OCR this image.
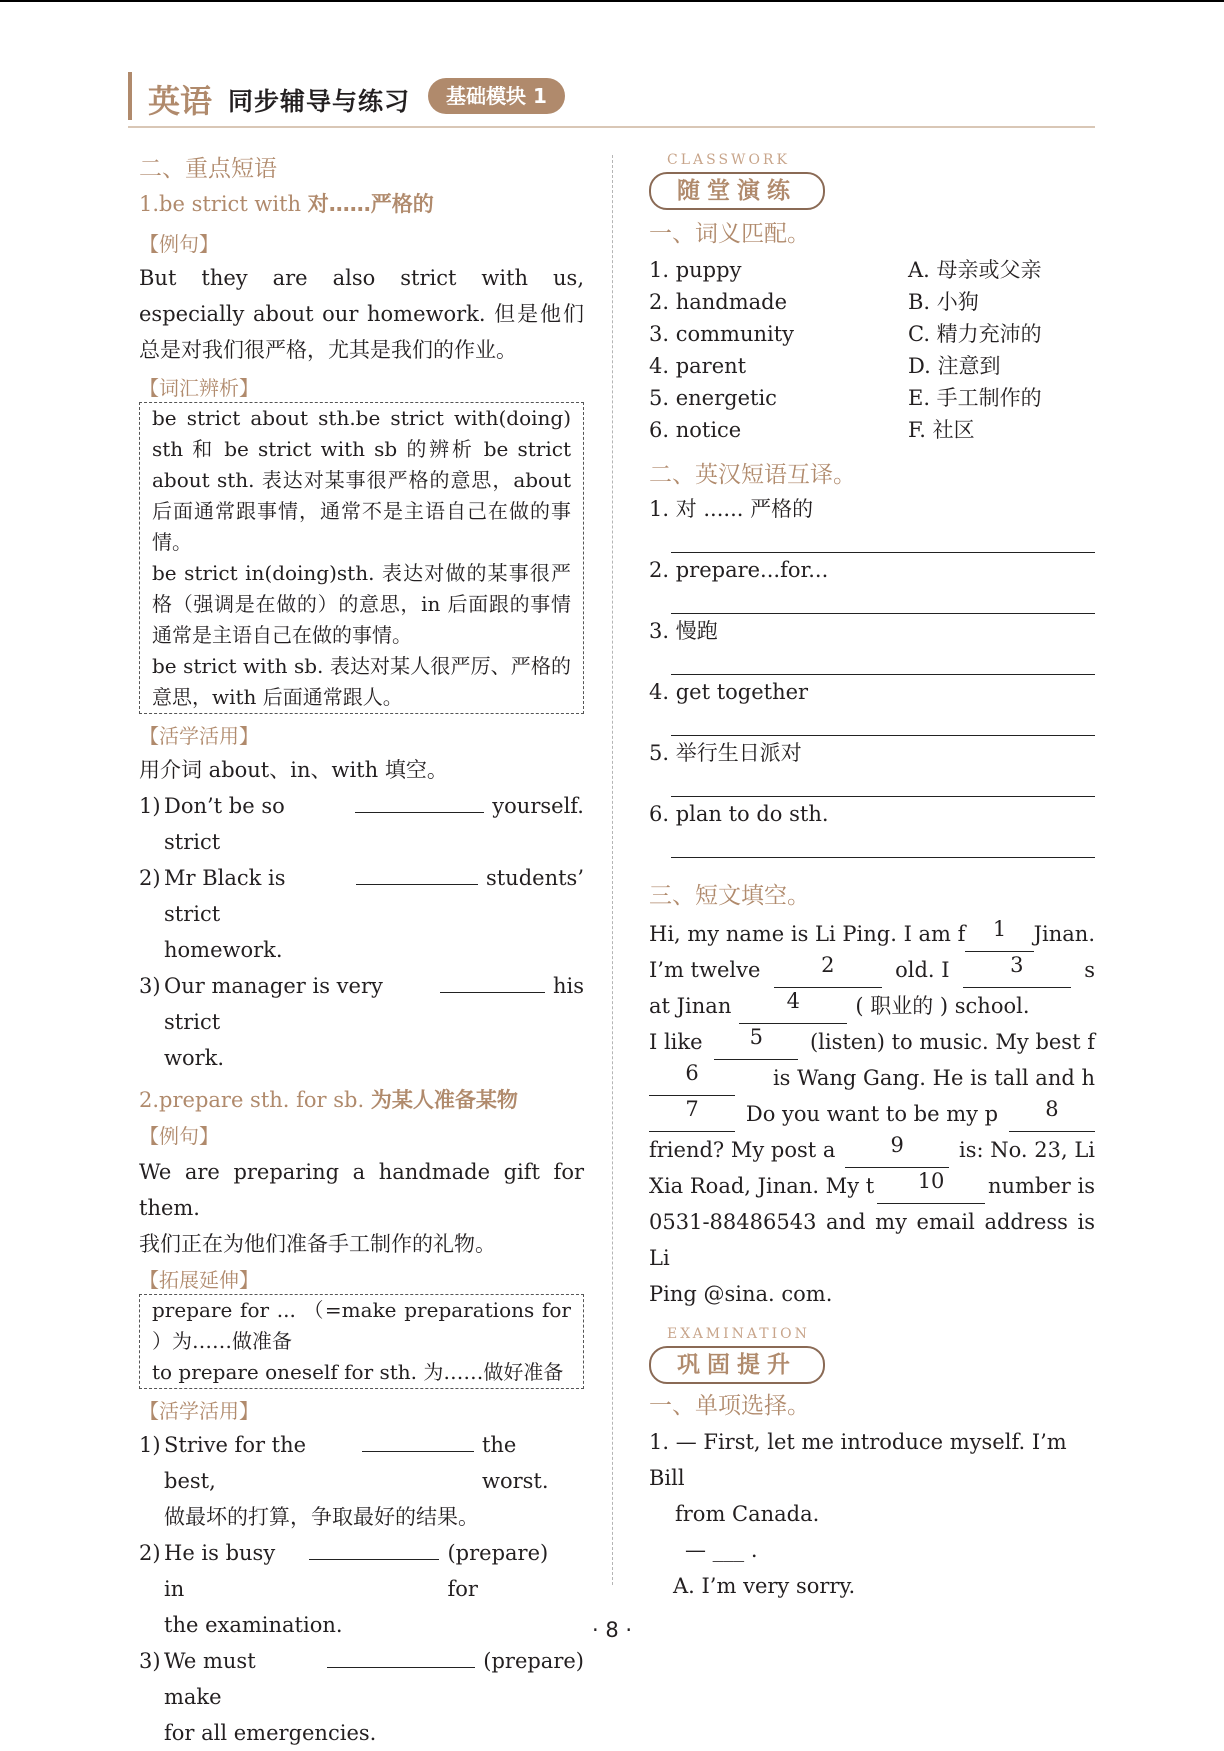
英语 同步辅导与练习	基础模块 1

二、重点短语

1.be strict with 对……严格的

【例句】

But they are also strict with us, especially about our homework. 但是他们总是对我们很严格，尤其是我们的作业。

【词汇辨析】

be strict about sth.be strict with(doing) sth 和 be strict with sb 的辨析 be strict about sth. 表达对某事很严格的意思，about 后面通常跟事情，通常不是主语自己在做的事情。

be strict in(doing)sth. 表达对做的某事很严格（强调是在做的）的意思，in 后面跟的事情通常是主语自己在做的事情。

be strict with sb. 表达对某人很严厉、严格的意思，with 后面通常跟人。

【活学活用】

用介词 about、in、with 填空。

1) Don’t be so strict
yourself.
2) Mr Black is strict
students’
homework.
3) Our manager is very strict
his
work.

2.prepare sth. for sb. 为某人准备某物

【例句】

We are preparing a handmade gift for them.

我们正在为他们准备手工制作的礼物。

【拓展延伸】

prepare for ... （=make preparations for ）为……做准备

to prepare oneself for sth. 为……做好准备

【活学活用】

1) Strive for the best,
the worst.
做最坏的打算，争取最好的结果。
2) He is busy in
(prepare) for
the examination.
3) We must make
(prepare)
for all emergencies.
CLASSWORK
随堂演练

一、词义匹配。

1. puppy	A. 母亲或父亲
2. handmade	B. 小狗
3. community	C. 精力充沛的
4. parent	D. 注意到
5. energetic	E. 手工制作的
6. notice	F. 社区

二、英汉短语互译。

1. 对 ...... 严格的
2. prepare...for...
3. 慢跑
4. get together
5. 举行生日派对
6. plan to do sth.

三、短文填空。

Hi, my name is Li Ping. I am f	1	Jinan.
I’m twelve	2	old. I	3	s
at Jinan	4	( 职业的 ) school.
I like	5	(listen) to music. My best f
6	is Wang Gang. He is tall and h
7	Do you want to be my p	8
friend? My post a	9	is: No. 23, Li
Xia Road, Jinan. My t	10	number is
0531-88486543 and my email address is Li
Ping @sina. com.
EXAMINATION
巩固提升

一、单项选择。

1. — First, let me introduce myself. I’m Bill
from Canada.
— ___ .
A. I’m very sorry.
· 8 ·
